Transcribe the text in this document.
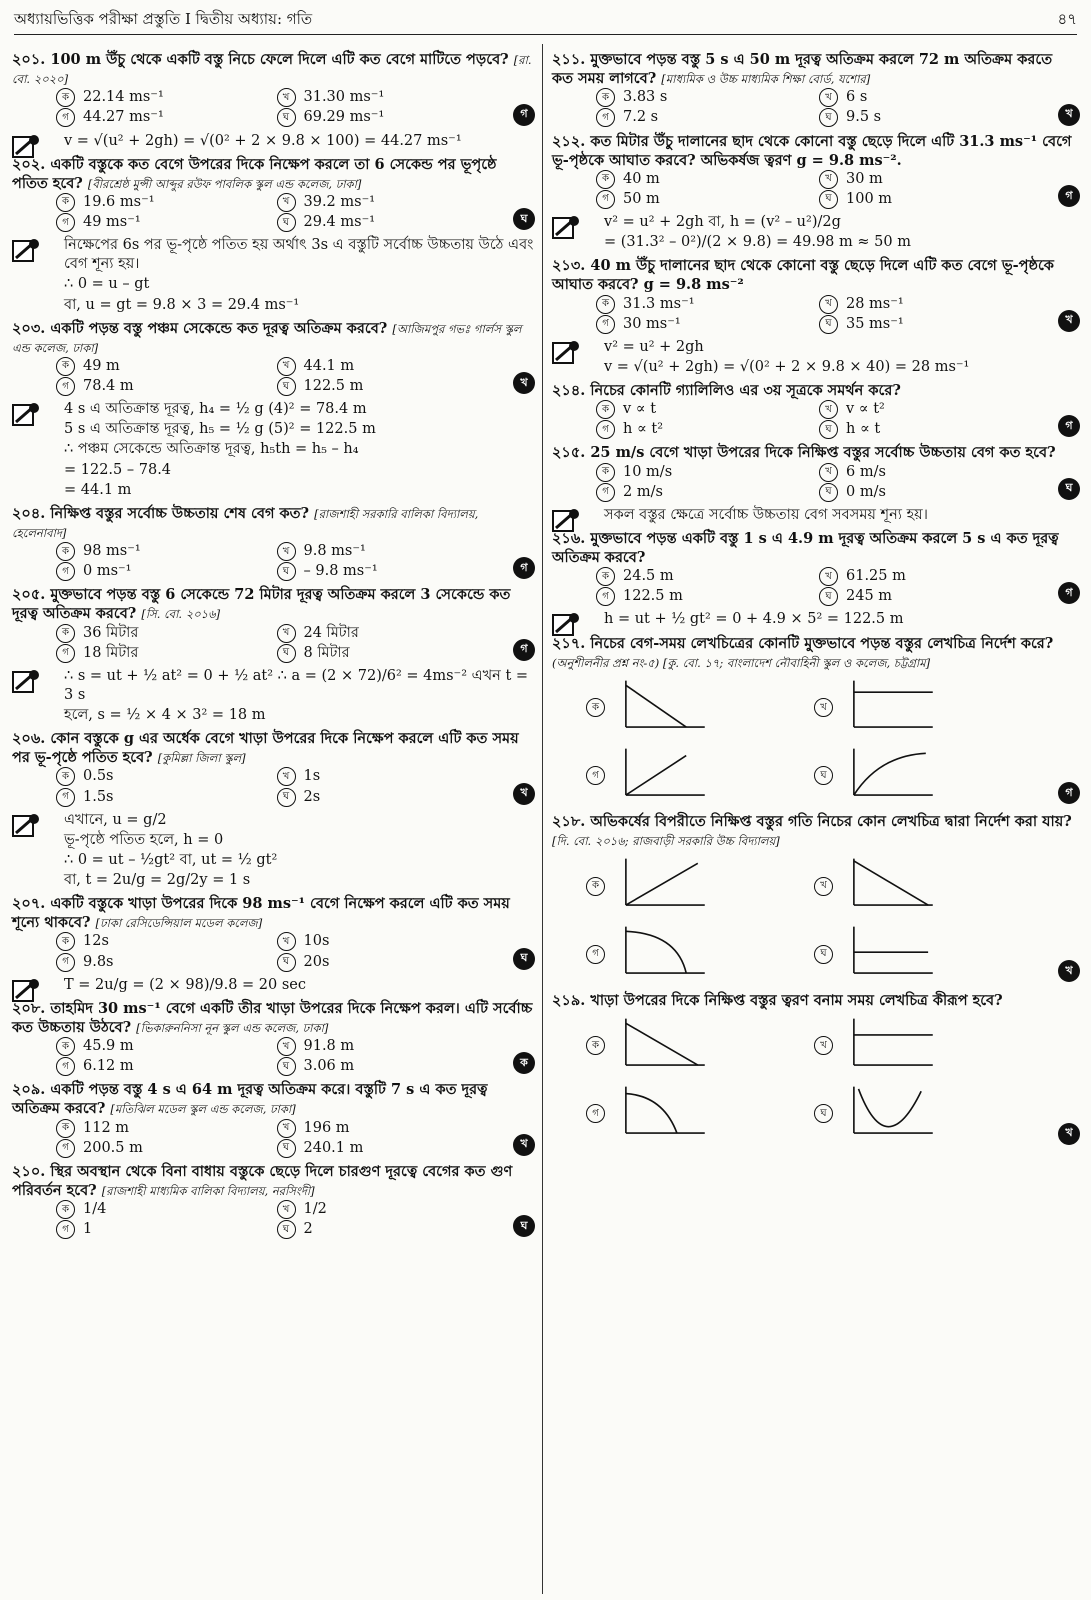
অধ্যায়ভিত্তিক পরীক্ষা প্রস্তুতি I দ্বিতীয় অধ্যায়: গতি	৪৭
২০১. 100 m উঁচু থেকে একটি বস্তু নিচে ফেলে দিলে এটি কত বেগে মাটিতে পড়বে? [রা. বো. ২০২০]
ক 22.14 ms⁻¹	খ 31.30 ms⁻¹
গ 44.27 ms⁻¹	ঘ 69.29 ms⁻¹	গ
v = √(u² + 2gh) = √(0² + 2 × 9.8 × 100) = 44.27 ms⁻¹
২০২. একটি বস্তুকে কত বেগে উপরের দিকে নিক্ষেপ করলে তা 6 সেকেন্ড পর ভূপৃষ্ঠে পতিত হবে? [বীরশ্রেষ্ঠ মুন্সী আব্দুর রউফ পাবলিক স্কুল এন্ড কলেজ, ঢাকা]
ক 19.6 ms⁻¹	খ 39.2 ms⁻¹
গ 49 ms⁻¹	ঘ 29.4 ms⁻¹	ঘ
নিক্ষেপের 6s পর ভূ-পৃষ্ঠে পতিত হয় অর্থাৎ 3s এ বস্তুটি সর্বোচ্চ উচ্চতায় উঠে এবং বেগ শূন্য হয়।
∴ 0 = u – gt
বা, u = gt = 9.8 × 3 = 29.4 ms⁻¹
২০৩. একটি পড়ন্ত বস্তু পঞ্চম সেকেন্ডে কত দূরত্ব অতিক্রম করবে? [আজিমপুর গভঃ গার্লস স্কুল এন্ড কলেজ, ঢাকা]
ক 49 m	খ 44.1 m
গ 78.4 m	ঘ 122.5 m	খ
4 s এ অতিক্রান্ত দূরত্ব, h₄ = ½ g (4)² = 78.4 m
5 s এ অতিক্রান্ত দূরত্ব, h₅ = ½ g (5)² = 122.5 m
∴ পঞ্চম সেকেন্ডে অতিক্রান্ত দূরত্ব, h₅th = h₅ – h₄
= 122.5 – 78.4
= 44.1 m
২০৪. নিক্ষিপ্ত বস্তুর সর্বোচ্চ উচ্চতায় শেষ বেগ কত? [রাজশাহী সরকারি বালিকা বিদ্যালয়, হেলেনাবাদ]
ক 98 ms⁻¹	খ 9.8 ms⁻¹
গ 0 ms⁻¹	ঘ – 9.8 ms⁻¹	গ
২০৫. মুক্তভাবে পড়ন্ত বস্তু 6 সেকেন্ডে 72 মিটার দূরত্ব অতিক্রম করলে 3 সেকেন্ডে কত দূরত্ব অতিক্রম করবে? [সি. বো. ২০১৬]
ক 36 মিটার	খ 24 মিটার
গ 18 মিটার	ঘ 8 মিটার	গ
∴ s = ut + ½ at² = 0 + ½ at² ∴ a = (2 × 72)/6² = 4ms⁻² এখন t = 3 s
হলে, s = ½ × 4 × 3² = 18 m
২০৬. কোন বস্তুকে g এর অর্ধেক বেগে খাড়া উপরের দিকে নিক্ষেপ করলে এটি কত সময় পর ভূ-পৃষ্ঠে পতিত হবে? [কুমিল্লা জিলা স্কুল]
ক 0.5s	খ 1s
গ 1.5s	ঘ 2s	খ
এখানে, u = g/2
ভূ-পৃষ্ঠে পতিত হলে, h = 0
∴ 0 = ut – ½gt² বা, ut = ½ gt²
বা, t = 2u/g = 2g/2y = 1 s
২০৭. একটি বস্তুকে খাড়া উপরের দিকে 98 ms⁻¹ বেগে নিক্ষেপ করলে এটি কত সময় শূন্যে থাকবে? [ঢাকা রেসিডেন্সিয়াল মডেল কলেজ]
ক 12s	খ 10s
গ 9.8s	ঘ 20s	ঘ
T = 2u/g = (2 × 98)/9.8 = 20 sec
২০৮. তাহমিদ 30 ms⁻¹ বেগে একটি তীর খাড়া উপরের দিকে নিক্ষেপ করল। এটি সর্বোচ্চ কত উচ্চতায় উঠবে? [ভিকারুননিসা নূন স্কুল এন্ড কলেজ, ঢাকা]
ক 45.9 m	খ 91.8 m
গ 6.12 m	ঘ 3.06 m	ক
২০৯. একটি পড়ন্ত বস্তু 4 s এ 64 m দূরত্ব অতিক্রম করে। বস্তুটি 7 s এ কত দূরত্ব অতিক্রম করবে? [মতিঝিল মডেল স্কুল এন্ড কলেজ, ঢাকা]
ক 112 m	খ 196 m
গ 200.5 m	ঘ 240.1 m	খ
২১০. স্থির অবস্থান থেকে বিনা বাধায় বস্তুকে ছেড়ে দিলে চারগুণ দূরত্বে বেগের কত গুণ পরিবর্তন হবে? [রাজশাহী মাধ্যমিক বালিকা বিদ্যালয়, নরসিংদী]
ক 1/4	খ 1/2
গ 1	ঘ 2	ঘ
২১১. মুক্তভাবে পড়ন্ত বস্তু 5 s এ 50 m দূরত্ব অতিক্রম করলে 72 m অতিক্রম করতে কত সময় লাগবে? [মাধ্যমিক ও উচ্চ মাধ্যমিক শিক্ষা বোর্ড, যশোর]
ক 3.83 s	খ 6 s
গ 7.2 s	ঘ 9.5 s	খ
২১২. কত মিটার উঁচু দালানের ছাদ থেকে কোনো বস্তু ছেড়ে দিলে এটি 31.3 ms⁻¹ বেগে ভূ-পৃষ্ঠকে আঘাত করবে? অভিকর্ষজ ত্বরণ g = 9.8 ms⁻².
ক 40 m	খ 30 m
গ 50 m	ঘ 100 m	গ
v² = u² + 2gh বা, h = (v² – u²)/2g
= (31.3² – 0²)/(2 × 9.8) = 49.98 m ≈ 50 m
২১৩. 40 m উঁচু দালানের ছাদ থেকে কোনো বস্তু ছেড়ে দিলে এটি কত বেগে ভূ-পৃষ্ঠকে আঘাত করবে? g = 9.8 ms⁻²
ক 31.3 ms⁻¹	খ 28 ms⁻¹
গ 30 ms⁻¹	ঘ 35 ms⁻¹	খ
v² = u² + 2gh
v = √(u² + 2gh) = √(0² + 2 × 9.8 × 40) = 28 ms⁻¹
২১৪. নিচের কোনটি গ্যালিলিও এর ৩য় সূত্রকে সমর্থন করে?
ক v ∝ t	খ v ∝ t²
গ h ∝ t²	ঘ h ∝ t	গ
২১৫. 25 m/s বেগে খাড়া উপরের দিকে নিক্ষিপ্ত বস্তুর সর্বোচ্চ উচ্চতায় বেগ কত হবে?
ক 10 m/s	খ 6 m/s
গ 2 m/s	ঘ 0 m/s	ঘ
সকল বস্তুর ক্ষেত্রে সর্বোচ্চ উচ্চতায় বেগ সবসময় শূন্য হয়।
২১৬. মুক্তভাবে পড়ন্ত একটি বস্তু 1 s এ 4.9 m দূরত্ব অতিক্রম করলে 5 s এ কত দূরত্ব অতিক্রম করবে?
ক 24.5 m	খ 61.25 m
গ 122.5 m	ঘ 245 m	গ
h = ut + ½ gt² = 0 + 4.9 × 5² = 122.5 m
২১৭. নিচের বেগ-সময় লেখচিত্রের কোনটি মুক্তভাবে পড়ন্ত বস্তুর লেখচিত্র নির্দেশ করে? (অনুশীলনীর প্রশ্ন নং-৫) [কু. বো. ১৭; বাংলাদেশ নৌবাহিনী স্কুল ও কলেজ, চট্টগ্রাম]
ক	খ
গ	ঘ
গ
২১৮. অভিকর্ষের বিপরীতে নিক্ষিপ্ত বস্তুর গতি নিচের কোন লেখচিত্র দ্বারা নির্দেশ করা যায়? [দি. বো. ২০১৬; রাজবাড়ী সরকারি উচ্চ বিদ্যালয়]
ক	খ
গ	ঘ
খ
২১৯. খাড়া উপরের দিকে নিক্ষিপ্ত বস্তুর ত্বরণ বনাম সময় লেখচিত্র কীরূপ হবে?
ক	খ
গ	ঘ
খ
